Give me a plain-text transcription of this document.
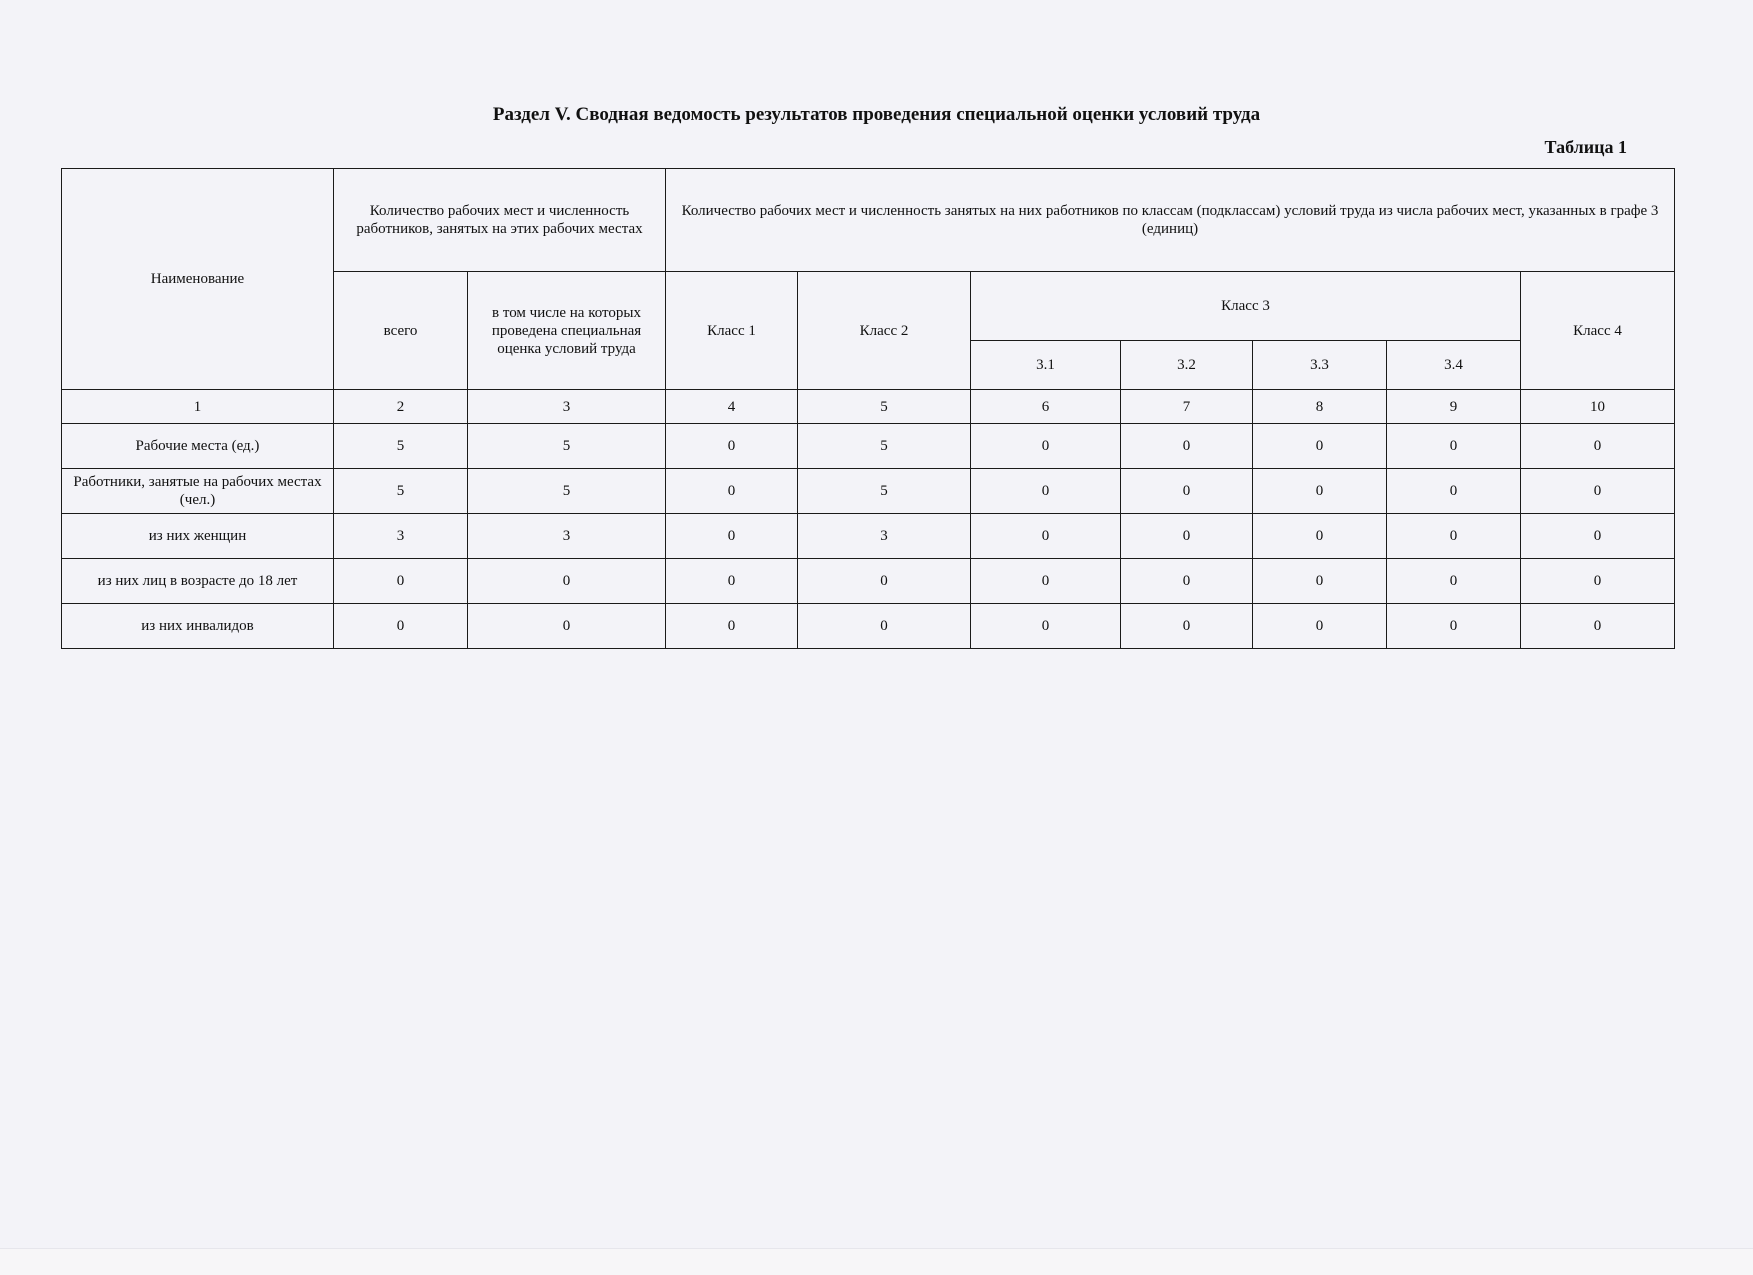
Раздел V. Сводная ведомость результатов проведения специальной оценки условий труда
Таблица 1
Наименование	Количество рабочих мест и численность работников, занятых на этих рабочих местах		Количество рабочих мест и численность занятых на них работников по классам (подклассам) условий труда из числа рабочих мест, указанных в графе 3 (единиц)						
	всего	в том числе на которых проведена специальная оценка условий труда	Класс 1	Класс 2	Класс 3				Класс 4
					3.1	3.2	3.3	3.4	
1	2	3	4	5	6	7	8	9	10
Рабочие места (ед.)	5	5	0	5	0	0	0	0	0
Работники, занятые на рабочих местах (чел.)	5	5	0	5	0	0	0	0	0
из них женщин	3	3	0	3	0	0	0	0	0
из них лиц в возрасте до 18 лет	0	0	0	0	0	0	0	0	0
из них инвалидов	0	0	0	0	0	0	0	0	0
